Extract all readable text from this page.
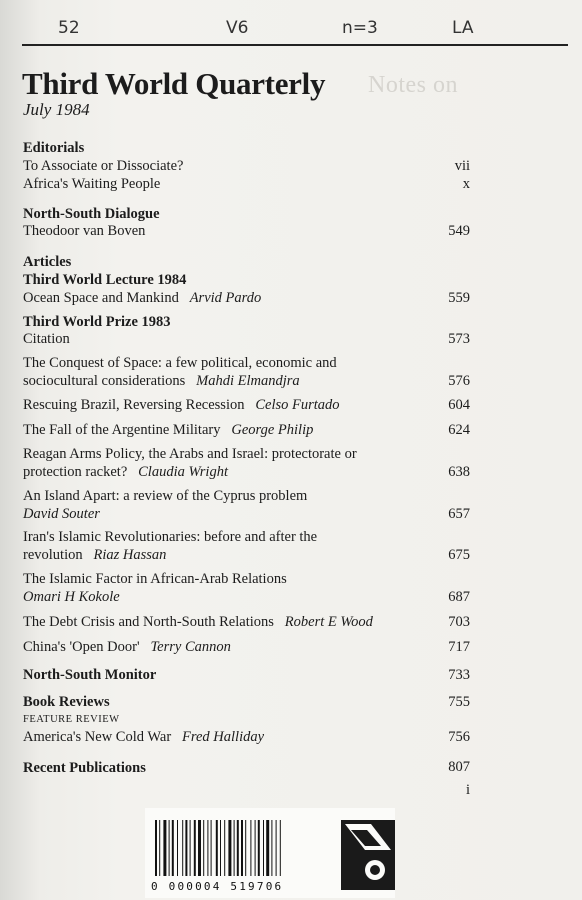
Notes on
52	V6	n=3	LA
Third World Quarterly
July 1984
Editorials
To Associate or Dissociate?	vii
Africa's Waiting People	x
North-South Dialogue
Theodoor van Boven	549
Articles
Third World Lecture 1984
Ocean Space and Mankind Arvid Pardo	559
Third World Prize 1983
Citation	573
The Conquest of Space: a few political, economic and
sociocultural considerations Mahdi Elmandjra	576
Rescuing Brazil, Reversing Recession Celso Furtado	604
The Fall of the Argentine Military George Philip	624
Reagan Arms Policy, the Arabs and Israel: protectorate or
protection racket? Claudia Wright	638
An Island Apart: a review of the Cyprus problem
David Souter	657
Iran's Islamic Revolutionaries: before and after the
revolution Riaz Hassan	675
The Islamic Factor in African-Arab Relations
Omari H Kokole	687
The Debt Crisis and North-South Relations Robert E Wood	703
China's 'Open Door' Terry Cannon	717
North-South Monitor	733
Book Reviews	755
FEATURE REVIEW
America's New Cold War Fred Halliday	756
Recent Publications	807
i
0 000004 519706
